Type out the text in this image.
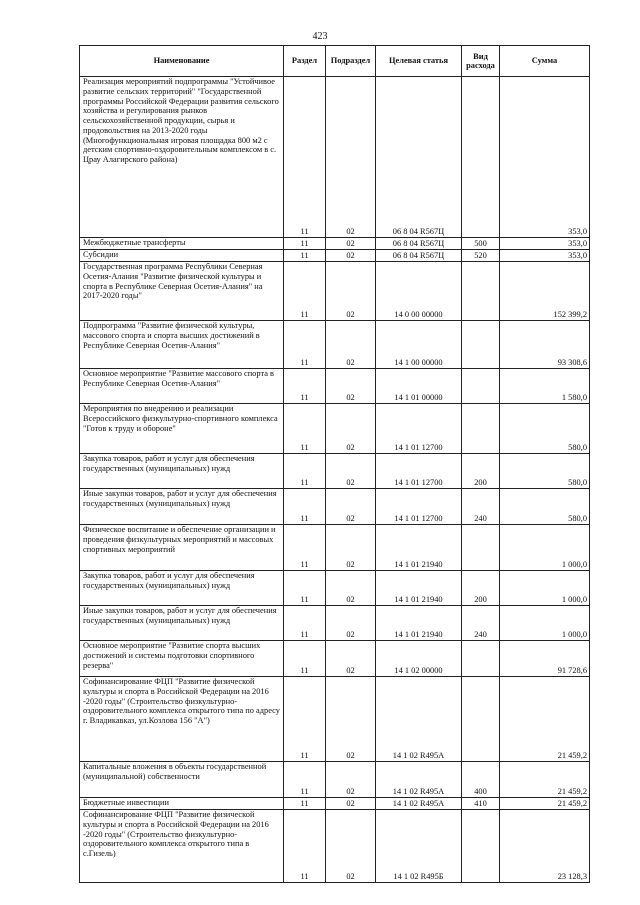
423
Наименование	Раздел	Подраздел	Целевая статья	Вид расхода	Сумма
Реализация мероприятий подпрограммы "Устойчивое развитие сельских территорий" "Государственной программы Российской Федерации развития сельского хозяйства и регулирования рынков сельскохозяйственной продукции, сырья и продовольствия на 2013-2020 годы (Многофункциональная игровая площадка 800 м2 с детским спортивно-оздоровительным комплексом в с. Црау Алагирского района)	11	02	06 8 04 R567Ц		353,0
Межбюджетные трансферты	11	02	06 8 04 R567Ц	500	353,0
Субсидии	11	02	06 8 04 R567Ц	520	353,0
Государственная программа Республики Северная Осетия-Алания "Развитие физической культуры и спорта в Республике Северная Осетия-Алания" на 2017-2020 годы"	11	02	14 0 00 00000		152 399,2
Подпрограмма "Развитие физической культуры, массового спорта и спорта высших достижений в Республике Северная Осетия-Алания"	11	02	14 1 00 00000		93 308,6
Основное мероприятие "Развитие массового спорта в Республике Северная Осетия-Алания"	11	02	14 1 01 00000		1 580,0
Мероприятия по внедрению и реализации Всероссийского физкультурно-спортивного комплекса "Готов к труду и обороне"	11	02	14 1 01 12700		580,0
Закупка товаров, работ и услуг для обеспечения государственных (муниципальных) нужд	11	02	14 1 01 12700	200	580,0
Иные закупки товаров, работ и услуг для обеспечения государственных (муниципальных) нужд	11	02	14 1 01 12700	240	580,0
Физическое воспитание и обеспечение организации и проведения физкультурных мероприятий и массовых спортивных мероприятий	11	02	14 1 01 21940		1 000,0
Закупка товаров, работ и услуг для обеспечения государственных (муниципальных) нужд	11	02	14 1 01 21940	200	1 000,0
Иные закупки товаров, работ и услуг для обеспечения государственных (муниципальных) нужд	11	02	14 1 01 21940	240	1 000,0
Основное мероприятие "Развитие спорта высших достижений и системы подготовки спортивного резерва"	11	02	14 1 02 00000		91 728,6
Софинансирование ФЦП "Развитие физической культуры и спорта в Российской Федерации на 2016 -2020 годы" (Строительство физкультурно-оздоровительного комплекса открытого типа по адресу г. Владикавказ, ул.Козлова 156 "А")	11	02	14 1 02 R495А		21 459,2
Капитальные вложения в объекты государственной (муниципальной) собственности	11	02	14 1 02 R495А	400	21 459,2
Бюджетные инвестиции	11	02	14 1 02 R495А	410	21 459,2
Софинансирование ФЦП "Развитие физической культуры и спорта в Российской Федерации на 2016 -2020 годы" (Строительство физкультурно-оздоровительного комплекса открытого типа в с.Гизель)	11	02	14 1 02 R495Б		23 128,3
